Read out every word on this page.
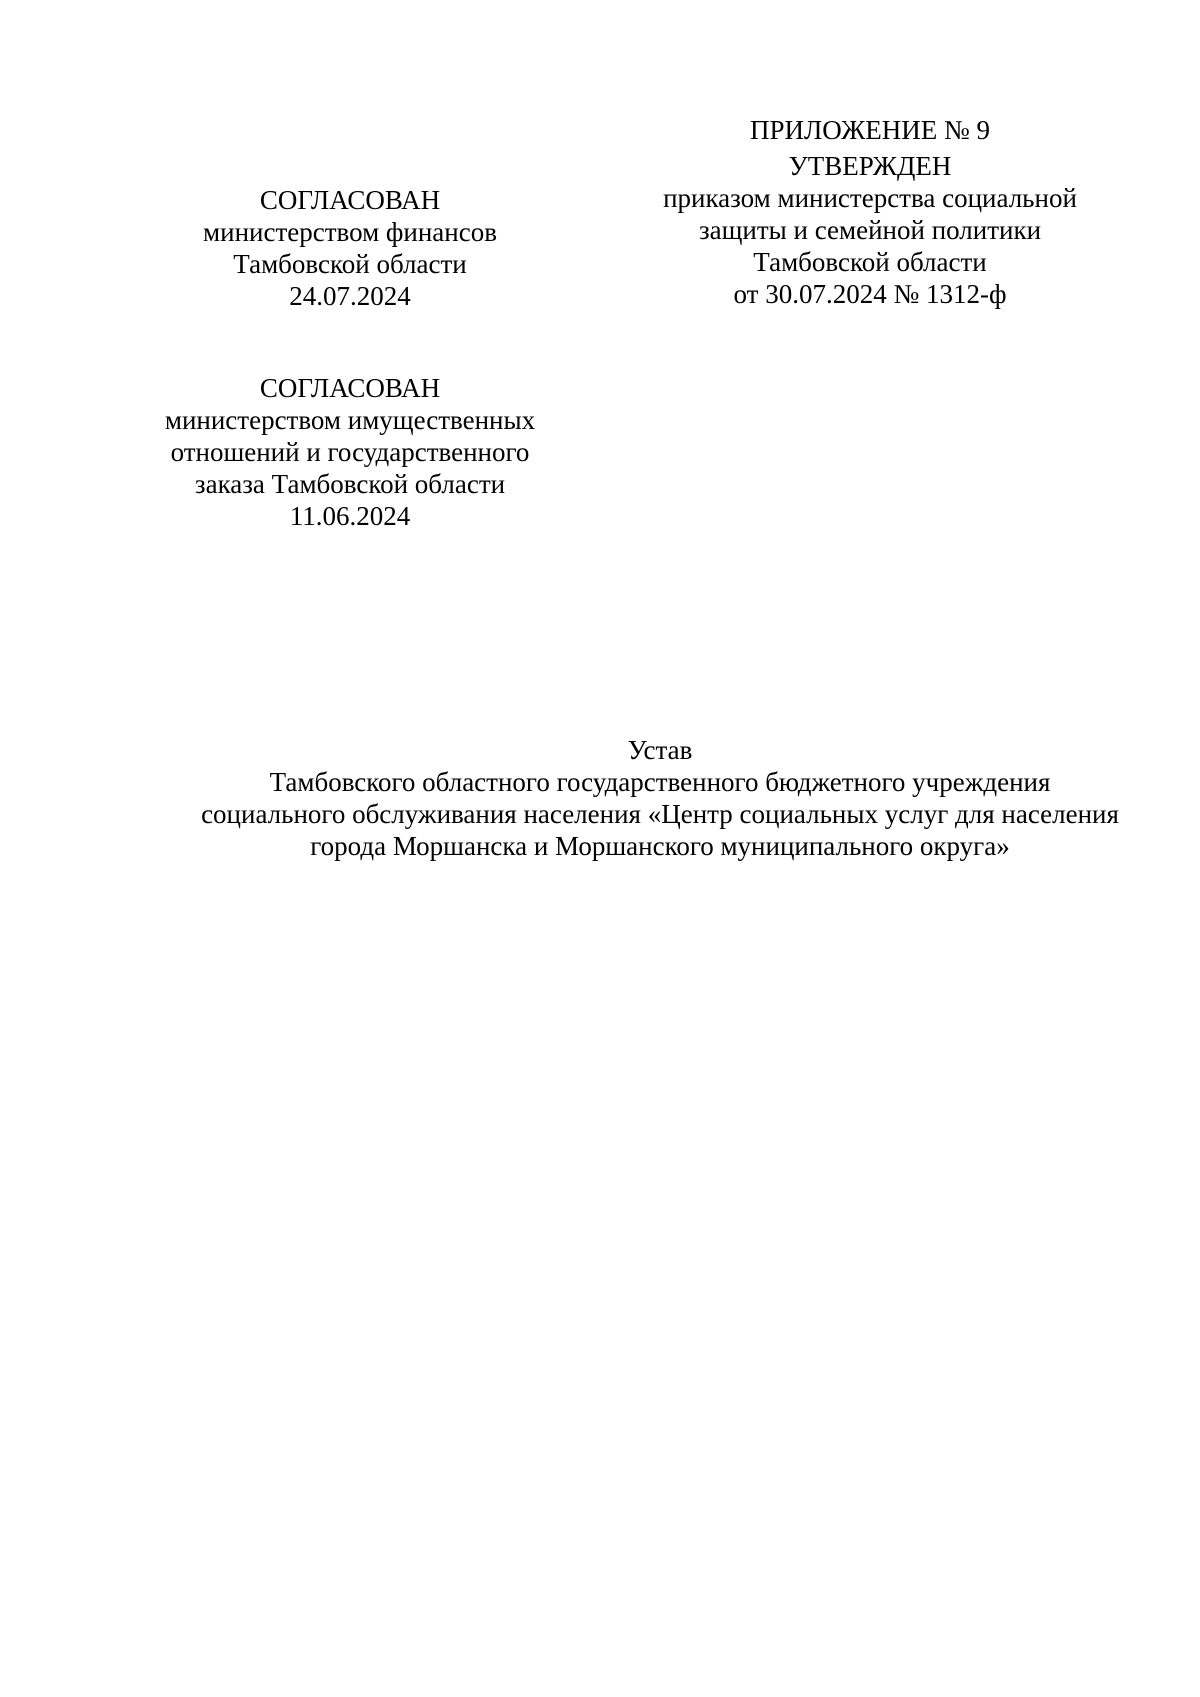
ПРИЛОЖЕНИЕ № 9
УТВЕРЖДЕН
приказом министерства социальной
защиты и семейной политики
Тамбовской области
от 30.07.2024 № 1312-ф
СОГЛАСОВАН
министерством финансов
Тамбовской области
24.07.2024
СОГЛАСОВАН
министерством имущественных
отношений и государственного
заказа Тамбовской области
11.06.2024
Устав
Тамбовского областного государственного бюджетного учреждения
социального обслуживания населения «Центр социальных услуг для населения
города Моршанска и Моршанского муниципального округа»
